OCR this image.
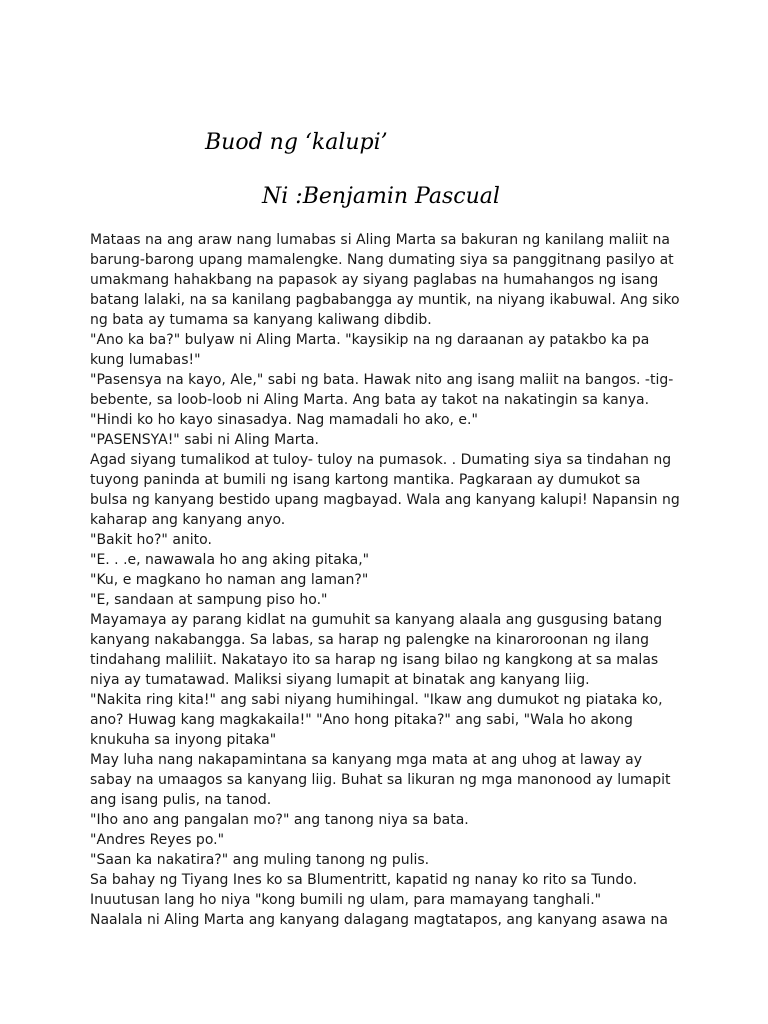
Buod ng ‘kalupi’
Ni :Benjamin Pascual
Mataas na ang araw nang lumabas si Aling Marta sa bakuran ng kanilang maliit na
barung-barong upang mamalengke. Nang dumating siya sa panggitnang pasilyo at
umakmang hahakbang na papasok ay siyang paglabas na humahangos ng isang
batang lalaki, na sa kanilang pagbabangga ay muntik, na niyang ikabuwal. Ang siko
ng bata ay tumama sa kanyang kaliwang dibdib.
"Ano ka ba?" bulyaw ni Aling Marta. "kaysikip na ng daraanan ay patakbo ka pa
kung lumabas!"
"Pasensya na kayo, Ale," sabi ng bata. Hawak nito ang isang maliit na bangos. -tig-
bebente, sa loob-loob ni Aling Marta. Ang bata ay takot na nakatingin sa kanya.
"Hindi ko ho kayo sinasadya. Nag mamadali ho ako, e."
"PASENSYA!" sabi ni Aling Marta.
Agad siyang tumalikod at tuloy- tuloy na pumasok. . Dumating siya sa tindahan ng
tuyong paninda at bumili ng isang kartong mantika. Pagkaraan ay dumukot sa
bulsa ng kanyang bestido upang magbayad. Wala ang kanyang kalupi! Napansin ng
kaharap ang kanyang anyo.
"Bakit ho?" anito.
"E. . .e, nawawala ho ang aking pitaka,"
"Ku, e magkano ho naman ang laman?"
"E, sandaan at sampung piso ho."
Mayamaya ay parang kidlat na gumuhit sa kanyang alaala ang gusgusing batang
kanyang nakabangga. Sa labas, sa harap ng palengke na kinaroroonan ng ilang
tindahang maliliit. Nakatayo ito sa harap ng isang bilao ng kangkong at sa malas
niya ay tumatawad. Maliksi siyang lumapit at binatak ang kanyang liig.
"Nakita ring kita!" ang sabi niyang humihingal. "Ikaw ang dumukot ng piataka ko,
ano? Huwag kang magkakaila!" "Ano hong pitaka?" ang sabi, "Wala ho akong
knukuha sa inyong pitaka"
May luha nang nakapamintana sa kanyang mga mata at ang uhog at laway ay
sabay na umaagos sa kanyang liig. Buhat sa likuran ng mga manonood ay lumapit
ang isang pulis, na tanod.
"Iho ano ang pangalan mo?" ang tanong niya sa bata.
"Andres Reyes po."
"Saan ka nakatira?" ang muling tanong ng pulis.
Sa bahay ng Tiyang Ines ko sa Blumentritt, kapatid ng nanay ko rito sa Tundo.
Inuutusan lang ho niya "kong bumili ng ulam, para mamayang tanghali."
Naalala ni Aling Marta ang kanyang dalagang magtatapos, ang kanyang asawa na
